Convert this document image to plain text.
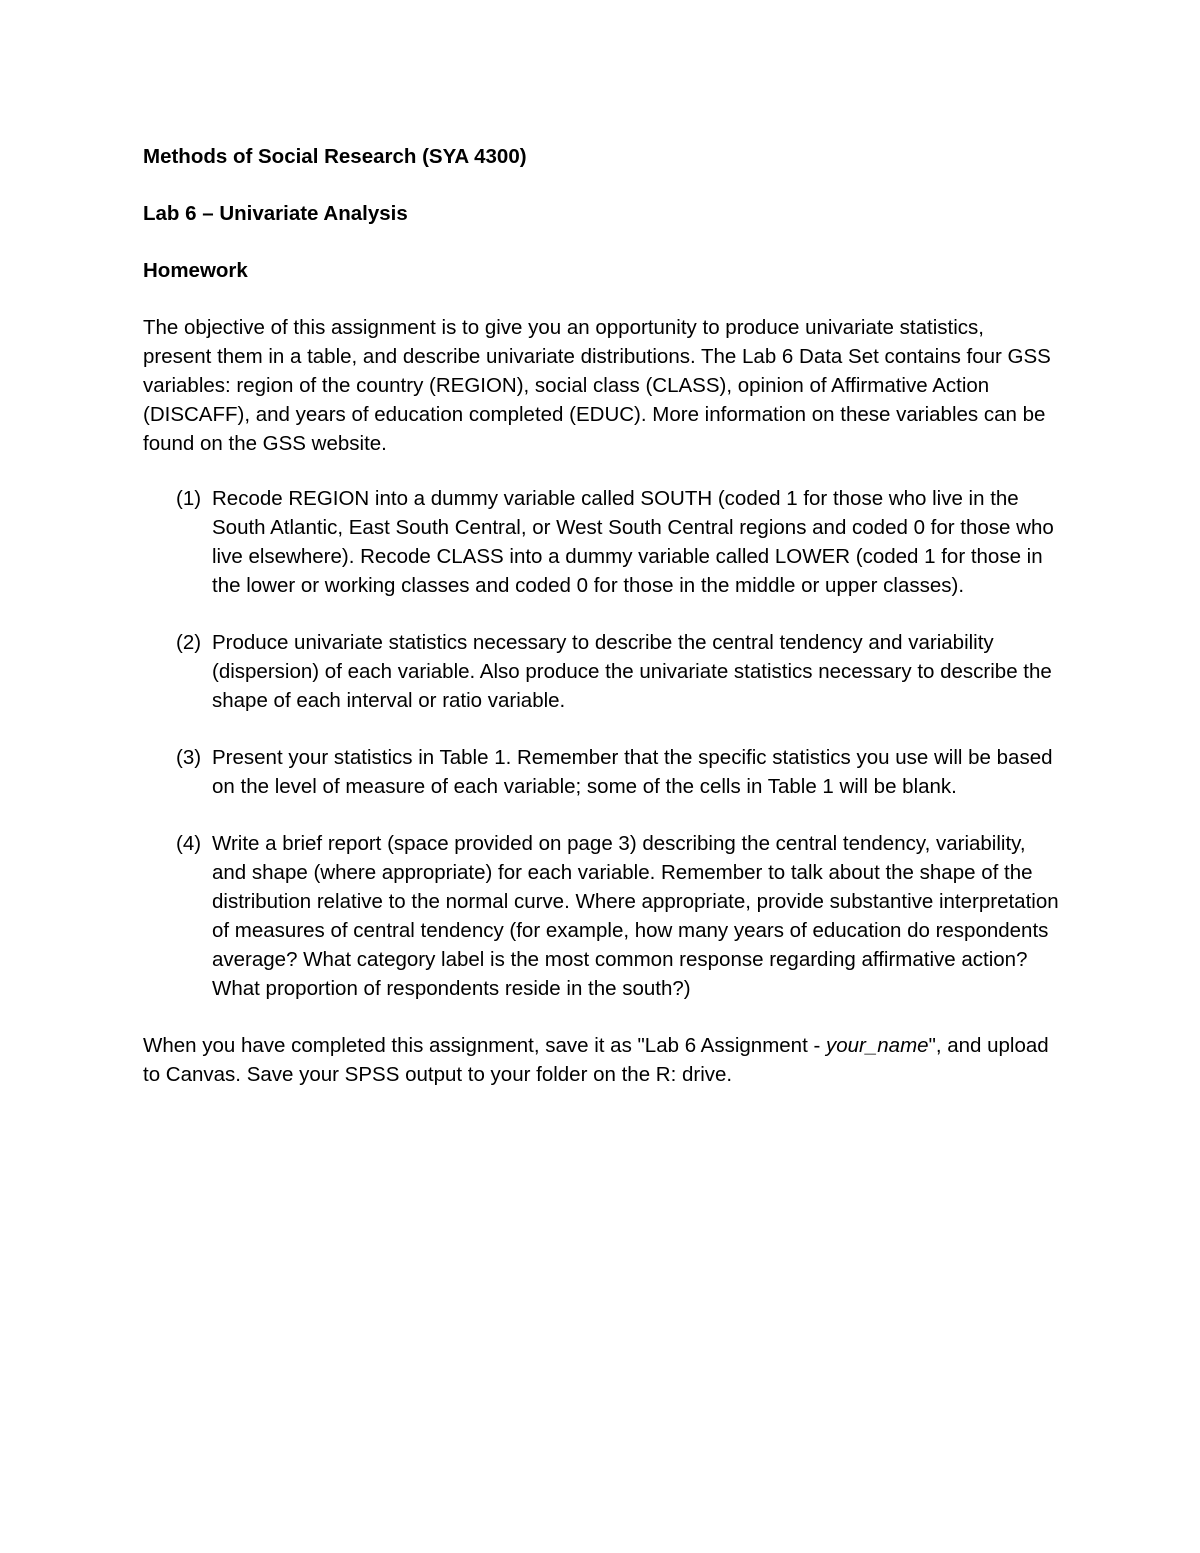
Methods of Social Research (SYA 4300)
Lab 6 – Univariate Analysis
Homework
The objective of this assignment is to give you an opportunity to produce univariate statistics, present them in a table, and describe univariate distributions. The Lab 6 Data Set contains four GSS variables: region of the country (REGION), social class (CLASS), opinion of Affirmative Action (DISCAFF), and years of education completed (EDUC). More information on these variables can be found on the GSS website.
(1) Recode REGION into a dummy variable called SOUTH (coded 1 for those who live in the South Atlantic, East South Central, or West South Central regions and coded 0 for those who live elsewhere). Recode CLASS into a dummy variable called LOWER (coded 1 for those in the lower or working classes and coded 0 for those in the middle or upper classes).
(2) Produce univariate statistics necessary to describe the central tendency and variability (dispersion) of each variable. Also produce the univariate statistics necessary to describe the shape of each interval or ratio variable.
(3) Present your statistics in Table 1. Remember that the specific statistics you use will be based on the level of measure of each variable; some of the cells in Table 1 will be blank.
(4) Write a brief report (space provided on page 3) describing the central tendency, variability, and shape (where appropriate) for each variable. Remember to talk about the shape of the distribution relative to the normal curve. Where appropriate, provide substantive interpretation of measures of central tendency (for example, how many years of education do respondents average? What category label is the most common response regarding affirmative action? What proportion of respondents reside in the south?)
When you have completed this assignment, save it as "Lab 6 Assignment - your_name", and upload to Canvas. Save your SPSS output to your folder on the R: drive.
